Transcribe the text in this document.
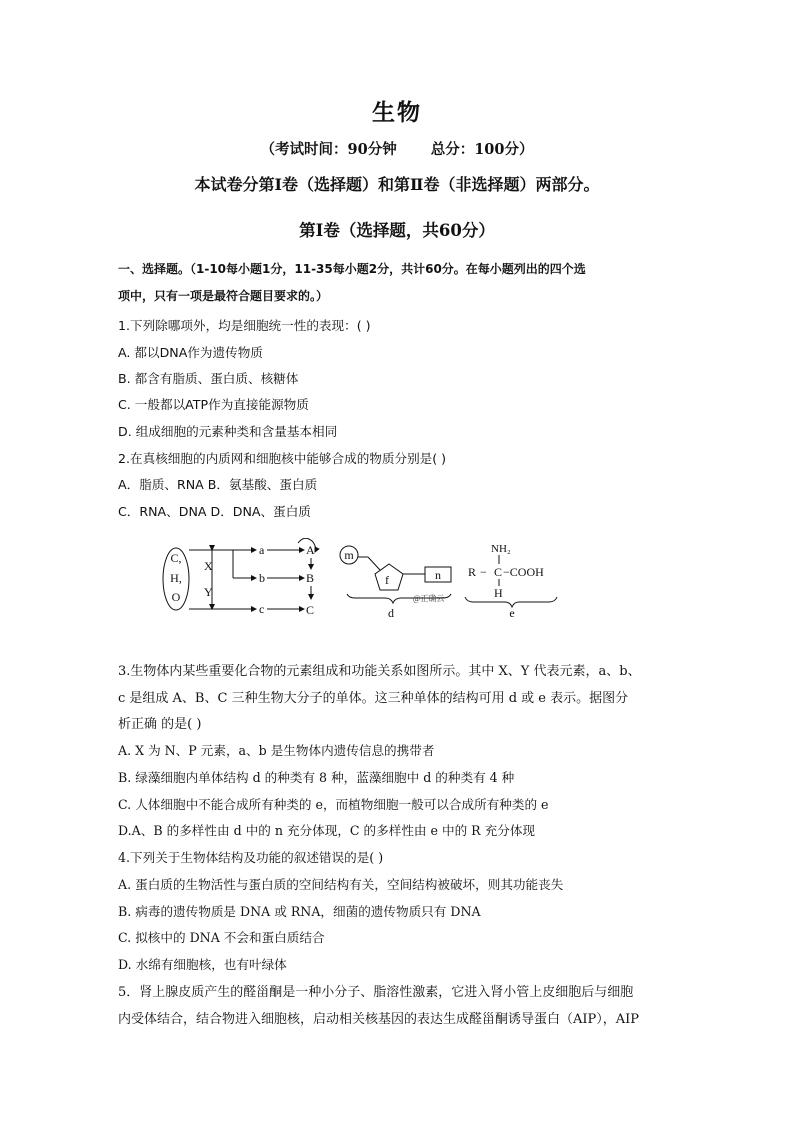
生物
（考试时间：90分钟 总分：100分）
本试卷分第Ⅰ卷（选择题）和第Ⅱ卷（非选择题）两部分。
第Ⅰ卷（选择题，共60分）
一、选择题。（1-10每小题1分，11-35每小题2分，共计60分。在每小题列出的四个选
项中，只有一项是最符合题目要求的。）
1.下列除哪项外，均是细胞统一性的表现：( )
A. 都以DNA作为遗传物质
B. 都含有脂质、蛋白质、核糖体
C. 一般都以ATP作为直接能源物质
D. 组成细胞的元素种类和含量基本相同
2.在真核细胞的内质网和细胞核中能够合成的物质分别是( )
A．脂质、RNA B．氨基酸、蛋白质
C．RNA、DNA D．DNA、蛋白质
C,
H,
O
X
Y
a
b
c
A
B
C
m
f	n
@正确云
d
NH₂
R − C −COOH
H
e
3.生物体内某些重要化合物的元素组成和功能关系如图所示。其中 X、Y 代表元素，a、b、
c 是组成 A、B、C 三种生物大分子的单体。这三种单体的结构可用 d 或 e 表示。据图分
析正确 的是( )
A. X 为 N、P 元素，a、b 是生物体内遗传信息的携带者
B. 绿藻细胞内单体结构 d 的种类有 8 种，蓝藻细胞中 d 的种类有 4 种
C. 人体细胞中不能合成所有种类的 e，而植物细胞一般可以合成所有种类的 e
D.A、B 的多样性由 d 中的 n 充分体现，C 的多样性由 e 中的 R 充分体现
4.下列关于生物体结构及功能的叙述错误的是( )
A. 蛋白质的生物活性与蛋白质的空间结构有关，空间结构被破坏，则其功能丧失
B. 病毒的遗传物质是 DNA 或 RNA，细菌的遗传物质只有 DNA
C. 拟核中的 DNA 不会和蛋白质结合
D. 水绵有细胞核，也有叶绿体
5．肾上腺皮质产生的醛甾酮是一种小分子、脂溶性激素，它进入肾小管上皮细胞后与细胞
内受体结合，结合物进入细胞核，启动相关核基因的表达生成醛甾酮诱导蛋白（AIP），AIP
